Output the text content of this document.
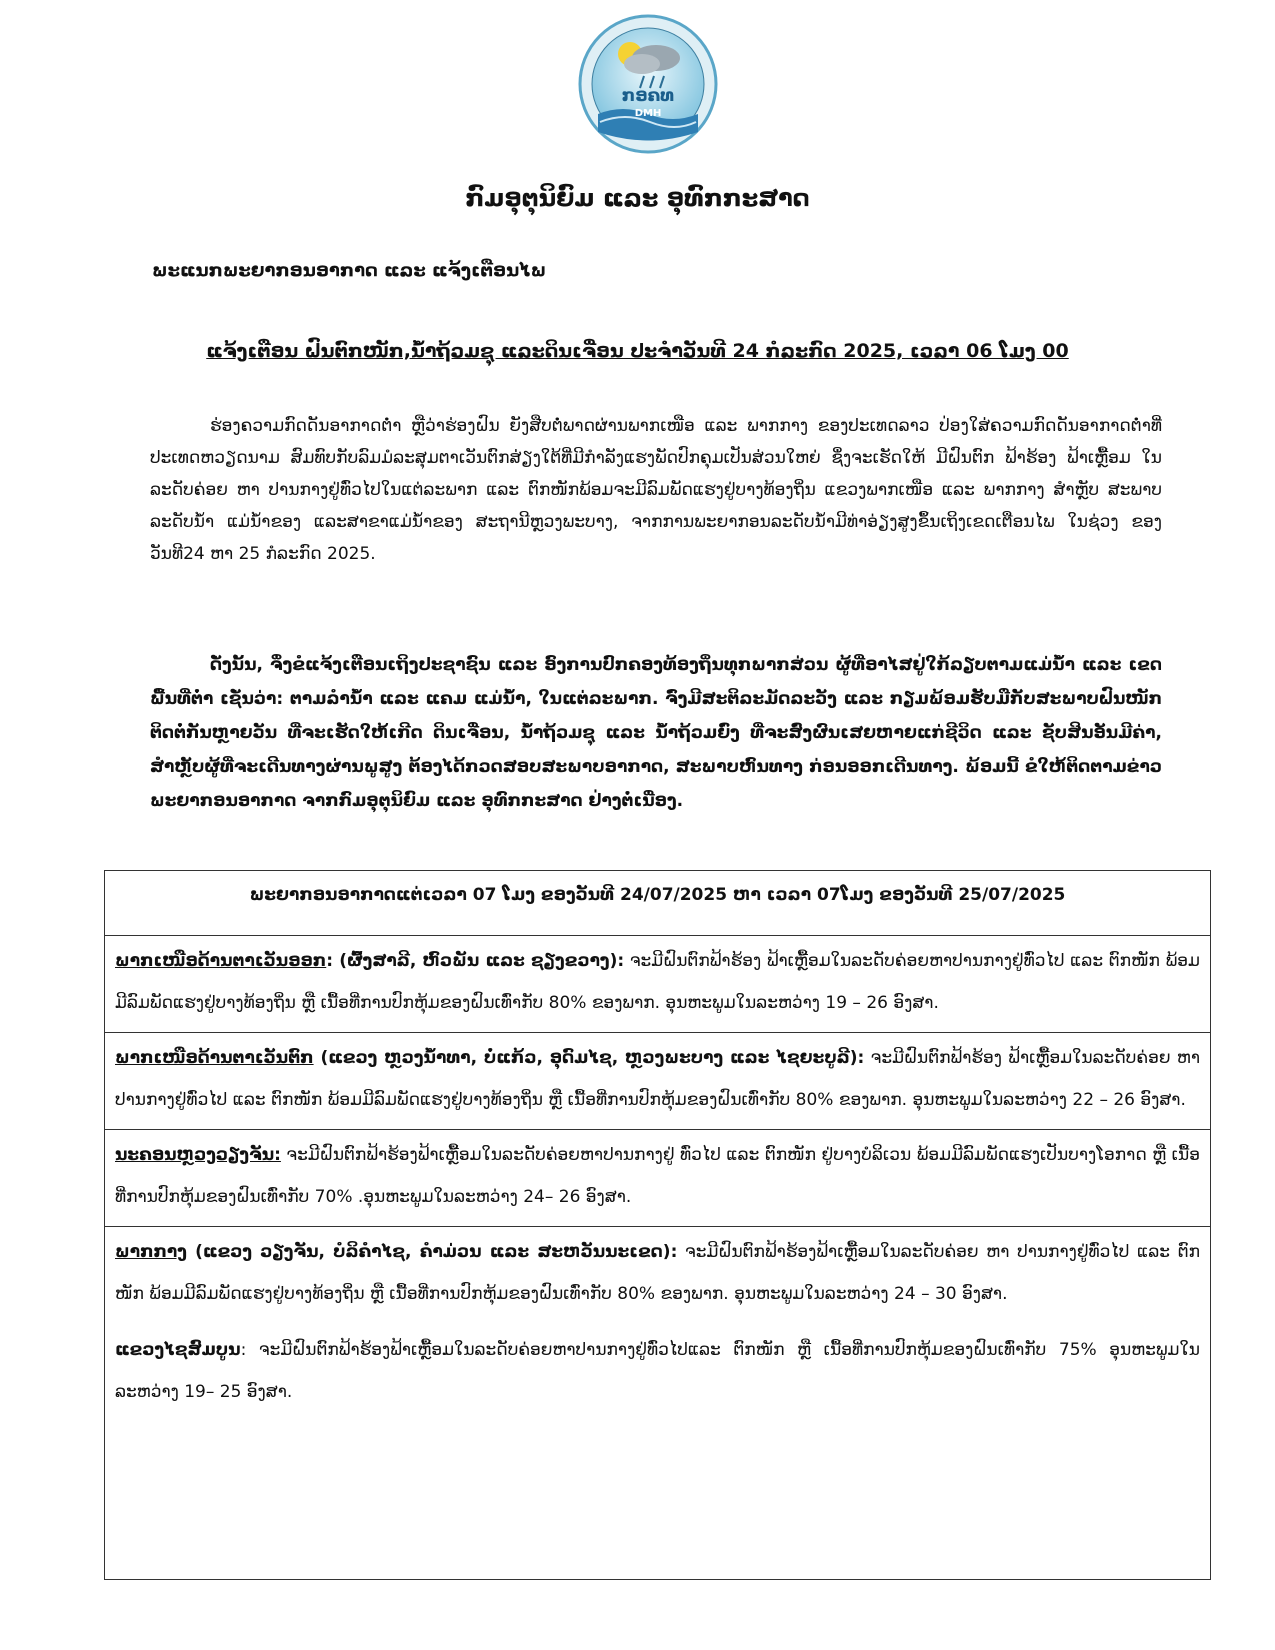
ກອຄທ
DMH
ກົມອຸຕຸນິຍົມ ແລະ ອຸທົກກະສາດ
ພະແນກພະຍາກອນອາກາດ ແລະ ແຈ້ງເຕືອນໄພ
ແຈ້ງເຕືອນ ຝົນຕົກໜັກ,ນ້ຳຖ້ວມຊຸ ແລະດິນເຈື່ອນ ປະຈຳວັນທີ 24 ກໍລະກົດ 2025, ເວລາ 06 ໂມງ 00

ຮ່ອງຄວາມກົດດັນອາກາດຕ່ຳ ຫຼືວ່າຮ່ອງຝົນ ຍັງສືບຕໍ່ພາດຜ່ານພາກເໜືອ ແລະ ພາກກາງ ຂອງປະເທດລາວ ປ່ອງໃສ່ຄວາມກົດດັນອາກາດຕ່ຳທີ່ປະເທດຫວຽດນາມ ສົມທົບກັບລົມມໍລະສຸມຕາເວັນຕົກສ່ຽງໃຕ້ທີ່ມີກຳລັງແຮງພັດປົກຄຸມເປັນສ່ວນໃຫຍ່ ຊຶ່ງຈະເຮັດໃຫ້ ມີຝົນຕົກ ຟ້າຮ້ອງ ຟ້າເຫຼື້ອມ ໃນລະດັບຄ່ອຍ ຫາ ປານກາງຢູ່ທົ່ວໄປໃນແຕ່ລະພາກ ແລະ ຕົກໜັກພ້ອມຈະມີລົມພັດແຮງຢູ່ບາງທ້ອງຖິ່ນ ແຂວງພາກເໜືອ ແລະ ພາກກາງ ສຳຫຼັບ ສະພາບລະດັບນ້ຳ ແມ່ນ້ຳຂອງ ແລະສາຂາແມ່ນ້ຳຂອງ ສະຖານີຫຼວງພະບາງ, ຈາກການພະຍາກອນລະດັບນ້ຳມີທ່າອ່ຽງສູງຂຶ້ນເຖິງເຂດເຕືອນໄພ ໃນຊ່ວງ ຂອງວັນທີ24 ຫາ 25 ກໍລະກົດ 2025.

ດັ່ງນັ້ນ, ຈຶ່ງຂໍແຈ້ງເຕືອນເຖິງປະຊາຊົນ ແລະ ອົງການປົກຄອງທ້ອງຖິ່ນທຸກພາກສ່ວນ ຜູ້ທີ່ອາໄສຢູ່ໃກ້ລຽບຕາມແມ່ນ້ຳ ແລະ ເຂດພື້ນທີ່ຕ່ຳ ເຊັ່ນວ່າ: ຕາມລຳນ້ຳ ແລະ ແຄມ ແມ່ນ້ຳ, ໃນແຕ່ລະພາກ. ຈົ່ງມີສະຕິລະມັດລະວັງ ແລະ ກຽມພ້ອມຮັບມືກັບສະພາບຝົນໜັກຕິດຕໍ່ກັນຫຼາຍວັນ ທີ່ຈະເຮັດໃຫ້ເກີດ ດິນເຈື່ອນ, ນ້ຳຖ້ວມຊຸ ແລະ ນ້ຳຖ້ວມຍົ່ງ ທີ່ຈະສົ່ງຜົນເສຍຫາຍແກ່ຊີວິດ ແລະ ຊັບສິນອັນມີຄ່າ, ສຳຫຼັບຜູ້ທີ່ຈະເດີນທາງຜ່ານພູສູງ ຕ້ອງໄດ້ກວດສອບສະພາບອາກາດ, ສະພາບຫົນທາງ ກ່ອນອອກເດີນທາງ. ພ້ອມນີ້ ຂໍໃຫ້ຕິດຕາມຂ່າວພະຍາກອນອາກາດ ຈາກກົມອຸຕຸນິຍົມ ແລະ ອຸທົກກະສາດ ຢ່າງຕໍ່ເນື່ອງ.

ພະຍາກອນອາກາດແຕ່ເວລາ 07 ໂມງ ຂອງວັນທີ 24/07/2025 ຫາ ເວລາ 07ໂມງ ຂອງວັນທີ 25/07/2025
ພາກເໜືອດ້ານຕາເວັນອອກ: (ຜົ້ງສາລີ, ຫົວພັນ ແລະ ຊຽງຂວາງ): ຈະມີຝົນຕົກຟ້າຮ້ອງ ຟ້າເຫຼື້ອມໃນລະດັບຄ່ອຍຫາປານກາງຢູ່ທົ່ວໄປ ແລະ ຕົກໜັກ ພ້ອມມີລົມພັດແຮງຢູ່ບາງທ້ອງຖິ່ນ ຫຼື ເນື້ອທີ່ການປົກຫຸ້ມຂອງຝົນເທົ່າກັບ 80% ຂອງພາກ. ອຸນຫະພູມໃນລະຫວ່າງ 19 – 26 ອົງສາ.
ພາກເໜືອດ້ານຕາເວັນຕົກ (ແຂວງ ຫຼວງນ້ຳທາ, ບໍ່ແກ້ວ, ອຸດົມໄຊ, ຫຼວງພະບາງ ແລະ ໄຊຍະບູລີ): ຈະມີຝົນຕົກຟ້າຮ້ອງ ຟ້າເຫຼື້ອມໃນລະດັບຄ່ອຍ ຫາ ປານກາງຢູ່ທົ່ວໄປ ແລະ ຕົກໜັກ ພ້ອມມີລົມພັດແຮງຢູ່ບາງທ້ອງຖິ່ນ ຫຼື ເນື້ອທີ່ການປົກຫຸ້ມຂອງຝົນເທົ່າກັບ 80% ຂອງພາກ. ອຸນຫະພູມໃນລະຫວ່າງ 22 – 26 ອົງສາ.
ນະຄອນຫຼວງວຽງຈັນ: ຈະມີຝົນຕົກຟ້າຮ້ອງຟ້າເຫຼື້ອມໃນລະດັບຄ່ອຍຫາປານກາງຢູ່ ທົ່ວໄປ ແລະ ຕົກໜັກ ຢູ່ບາງບໍລິເວນ ພ້ອມມີລົມພັດແຮງເປັນບາງໂອກາດ ຫຼື ເນື້ອທີ່ການປົກຫຸ້ມຂອງຝົນເທົ່າກັບ 70% .ອຸນຫະພູມໃນລະຫວ່າງ 24– 26 ອົງສາ.
ພາກກາງ (ແຂວງ ວຽງຈັນ, ບໍລິຄຳໄຊ, ຄຳມ່ວນ ແລະ ສະຫວັນນະເຂດ): ຈະມີຝົນຕົກຟ້າຮ້ອງຟ້າເຫຼື້ອມໃນລະດັບຄ່ອຍ ຫາ ປານກາງຢູ່ທົ່ວໄປ ແລະ ຕົກໜັກ ພ້ອມມີລົມພັດແຮງຢູ່ບາງທ້ອງຖິ່ນ ຫຼື ເນື້ອທີ່ການປົກຫຸ້ມຂອງຝົນເທົ່າກັບ 80% ຂອງພາກ. ອຸນຫະພູມໃນລະຫວ່າງ 24 – 30 ອົງສາ.
ແຂວງໄຊສົມບູນ: ຈະມີຝົນຕົກຟ້າຮ້ອງຟ້າເຫຼື້ອມໃນລະດັບຄ່ອຍຫາປານກາງຢູ່ທົ່ວໄປແລະ ຕົກໜັກ ຫຼື ເນື້ອທີ່ການປົກຫຸ້ມຂອງຝົນເທົ່າກັບ 75% ອຸນຫະພູມໃນລະຫວ່າງ 19– 25 ອົງສາ.
